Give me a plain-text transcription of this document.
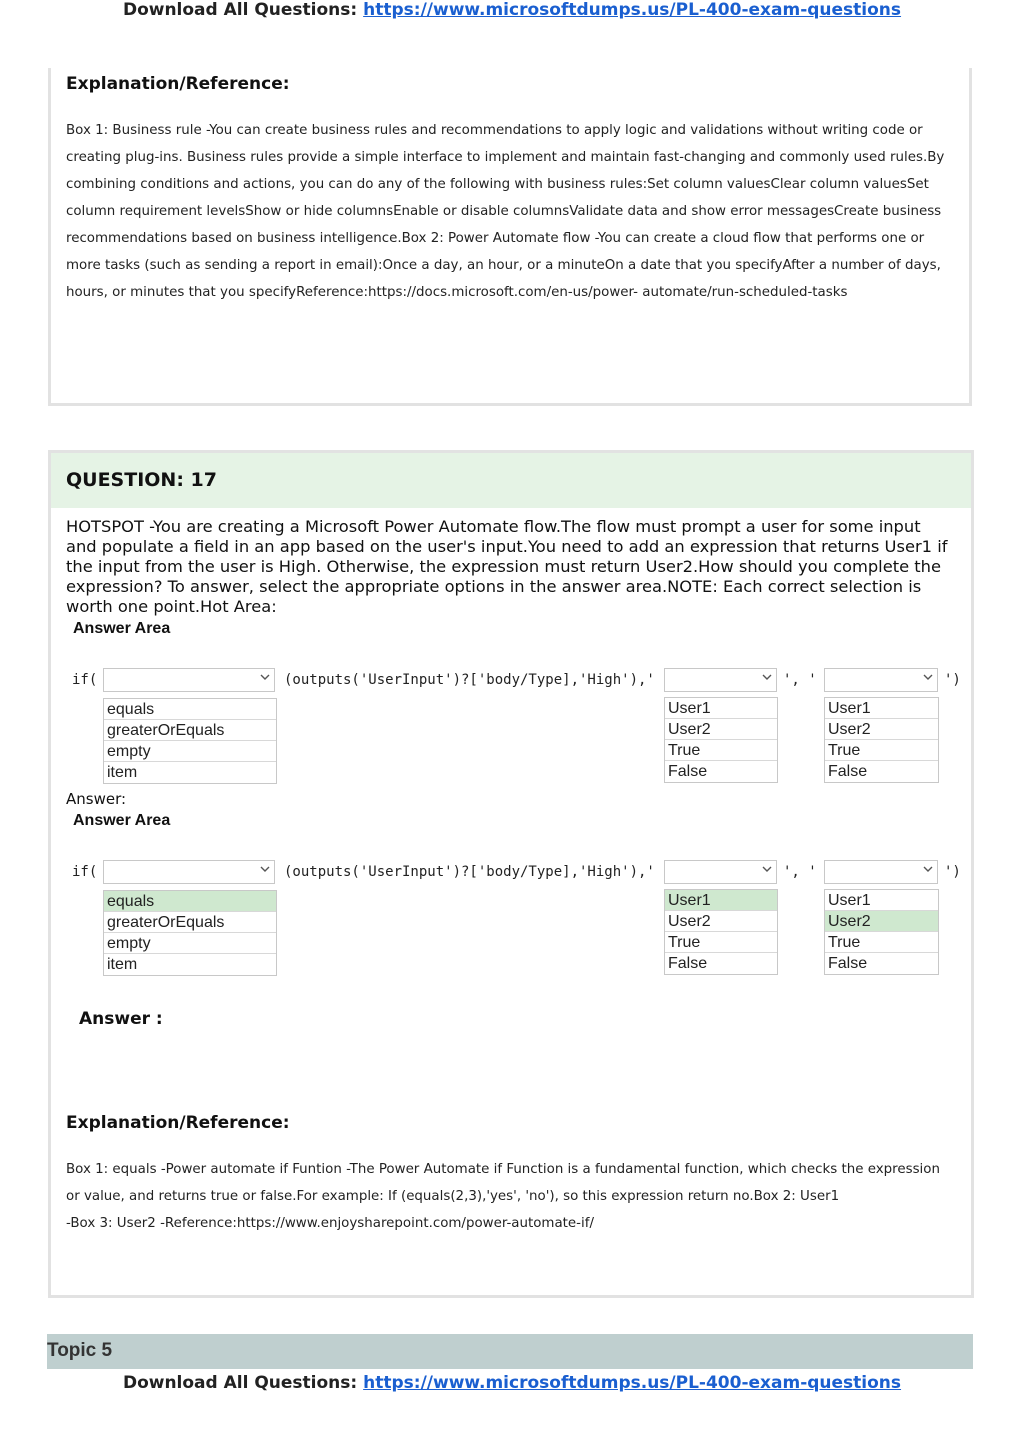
Download All Questions: https://www.microsoftdumps.us/PL-400-exam-questions
Explanation/Reference:

Box 1: Business rule -You can create business rules and recommendations to apply logic and validations without writing code or creating plug-ins. Business rules provide a simple interface to implement and maintain fast-changing and commonly used rules.By combining conditions and actions, you can do any of the following with business rules:Set column valuesClear column valuesSet column requirement levelsShow or hide columnsEnable or disable columnsValidate data and show error messagesCreate business recommendations based on business intelligence.Box 2: Power Automate flow -You can create a cloud flow that performs one or more tasks (such as sending a report in email):Once a day, an hour, or a minuteOn a date that you specifyAfter a number of days, hours, or minutes that you specifyReference:https://docs.microsoft.com/en-us/power- automate/run-scheduled-tasks

QUESTION: 17

HOTSPOT -You are creating a Microsoft Power Automate flow.The flow must prompt a user for some input and populate a field in an app based on the user's input.You need to add an expression that returns User1 if the input from the user is High. Otherwise, the expression must return User2.How should you complete the expression? To answer, select the appropriate options in the answer area.NOTE: Each correct selection is worth one point.Hot Area:

Answer Area
if(	(outputs('UserInput')?['body/Type],'High'),'	', '	')
equals
greaterOrEquals
empty
item
User1
User2
True
False
User1
User2
True
False
Answer:
Answer Area
if(	(outputs('UserInput')?['body/Type],'High'),'	', '	')
equals
greaterOrEquals
empty
item
User1
User2
True
False
User1
User2
True
False
Answer :
Explanation/Reference:

Box 1: equals -Power automate if Funtion -The Power Automate if Function is a fundamental function, which checks the expression or value, and returns true or false.For example: If (equals(2,3),'yes', 'no'), so this expression return no.Box 2: User1

-Box 3: User2 -Reference:https://www.enjoysharepoint.com/power-automate-if/

Topic 5
Download All Questions: https://www.microsoftdumps.us/PL-400-exam-questions
